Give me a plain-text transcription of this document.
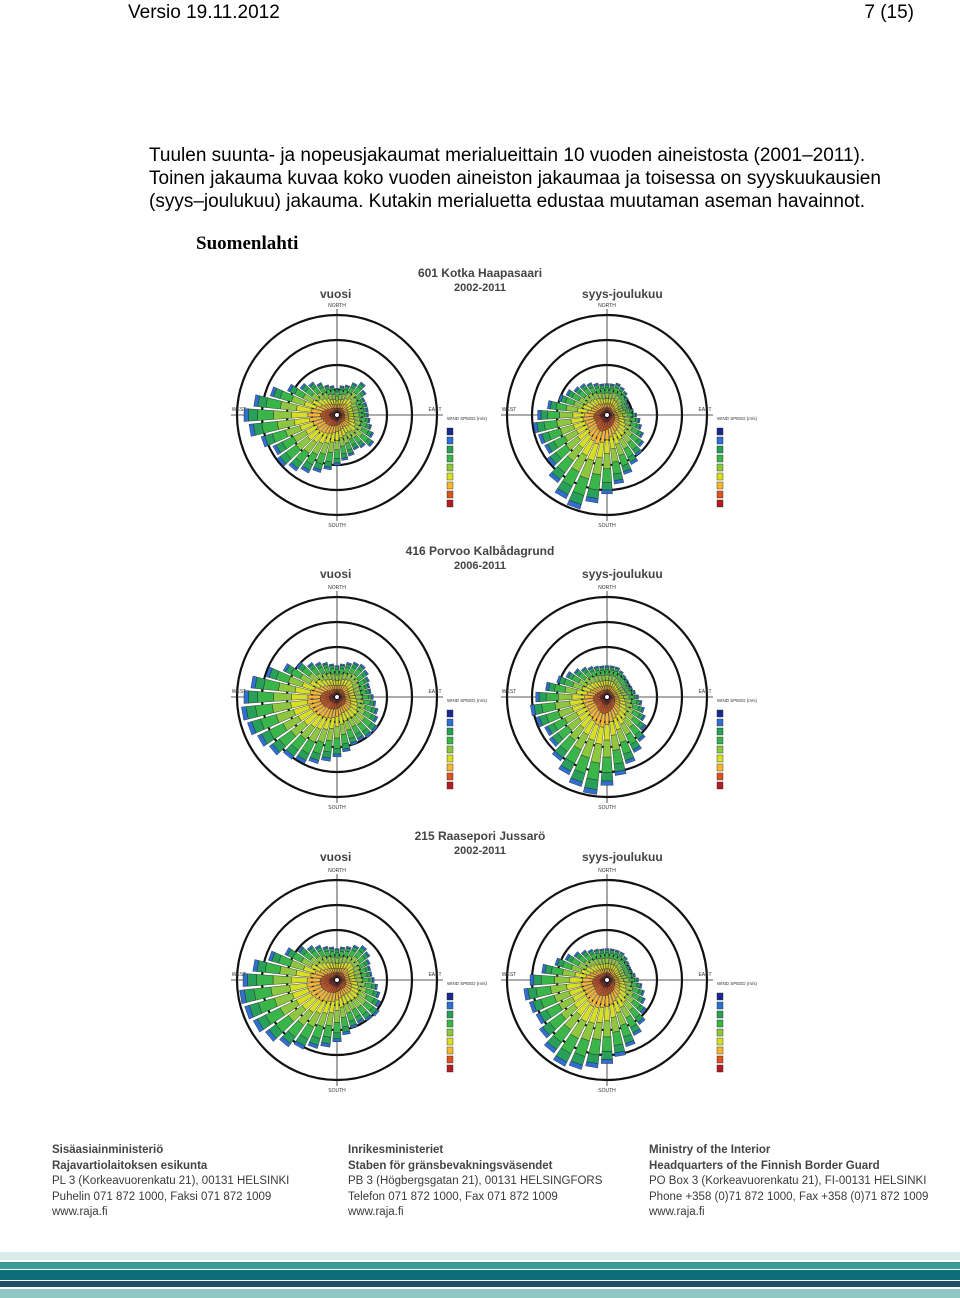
Versio 19.11.2012	7 (15)
Tuulen suunta- ja nopeusjakaumat merialueittain 10 vuoden aineistosta (2001–2011).
Toinen jakauma kuvaa koko vuoden aineiston jakaumaa ja toisessa on syyskuukausien
(syys–joulukuu) jakauma. Kutakin merialuetta edustaa muutaman aseman havainnot.
Suomenlahti
601 Kotka Haapasaari
2002-2011
vuosi	syys-joulukuu
NORTH
SOUTH
EAST
WEST
WIND SPEED (m/s)
NORTH
SOUTH
EAST
WEST
WIND SPEED (m/s)
416 Porvoo Kalbådagrund
2006-2011
vuosi	syys-joulukuu
NORTH
SOUTH
EAST
WEST
WIND SPEED (m/s)
NORTH
SOUTH
EAST
WEST
WIND SPEED (m/s)
215 Raasepori Jussarö
2002-2011
vuosi	syys-joulukuu
NORTH
SOUTH
EAST
WEST
WIND SPEED (m/s)
NORTH
SOUTH
EAST
WEST
WIND SPEED (m/s)
Sisäasiainministeriö
Rajavartiolaitoksen esikunta
PL 3 (Korkeavuorenkatu 21), 00131 HELSINKI
Puhelin 071 872 1000, Faksi 071 872 1009
www.raja.fi
Inrikesministeriet
Staben för gränsbevakningsväsendet
PB 3 (Högbergsgatan 21), 00131 HELSINGFORS
Telefon 071 872 1000, Fax 071 872 1009
www.raja.fi
Ministry of the Interior
Headquarters of the Finnish Border Guard
PO Box 3 (Korkeavuorenkatu 21), FI-00131 HELSINKI
Phone +358 (0)71 872 1000, Fax +358 (0)71 872 1009
www.raja.fi
